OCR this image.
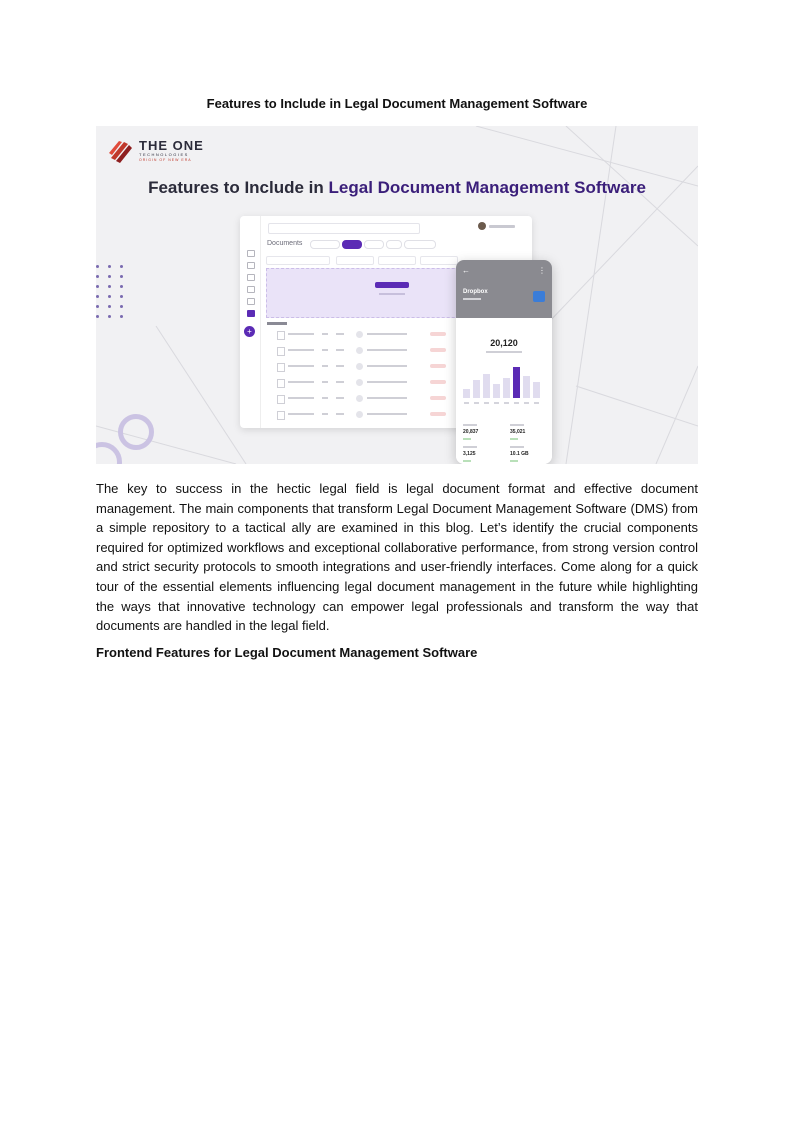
Features to Include in Legal Document Management Software
THE ONE
TECHNOLOGIES
ORIGIN OF NEW ERA
Features to Include in Legal Document Management Software
+
Documents
←	⋮
Dropbox
20,120
20,837	35,021
3,125	10.1 GB

The key to success in the hectic legal field is legal document format and effective document management. The main components that transform Legal Document Management Software (DMS) from a simple repository to a tactical ally are examined in this blog. Let’s identify the crucial components required for optimized workflows and exceptional collaborative performance, from strong version control and strict security protocols to smooth integrations and user-friendly interfaces. Come along for a quick tour of the essential elements influencing legal document management in the future while highlighting the ways that innovative technology can empower legal professionals and transform the way that documents are handled in the legal field.

Frontend Features for Legal Document Management Software
